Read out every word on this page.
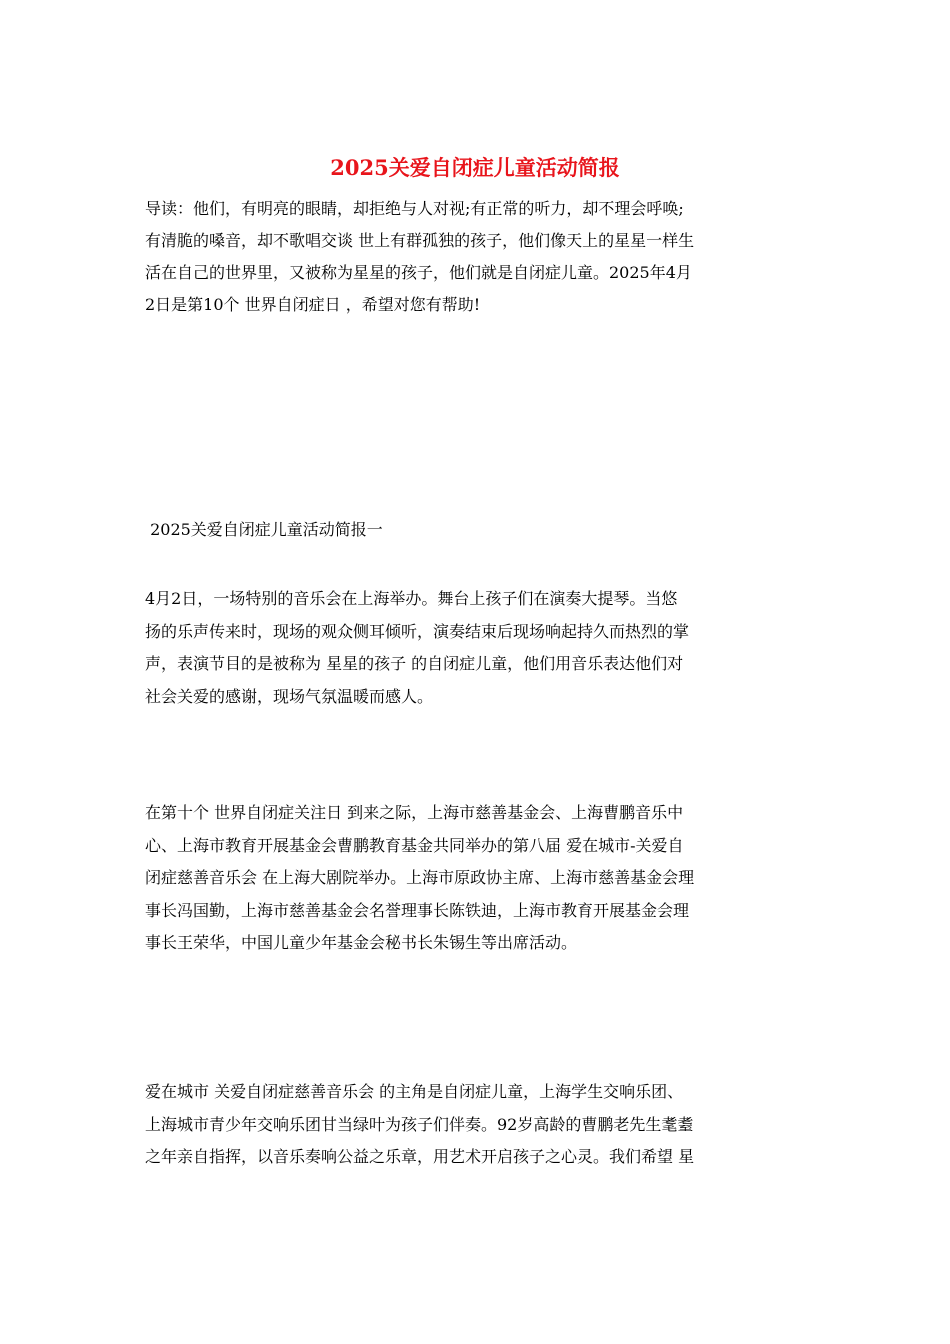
2025关爱自闭症儿童活动简报
导读：他们，有明亮的眼睛，却拒绝与人对视;有正常的听力，却不理会呼唤;
有清脆的嗓音，却不歌唱交谈 世上有群孤独的孩子，他们像天上的星星一样生
活在自己的世界里，又被称为星星的孩子，他们就是自闭症儿童。2025年4月
2日是第10个 世界自闭症日 ，希望对您有帮助!
2025关爱自闭症儿童活动简报一
4月2日，一场特别的音乐会在上海举办。舞台上孩子们在演奏大提琴。当悠
扬的乐声传来时，现场的观众侧耳倾听，演奏结束后现场响起持久而热烈的掌
声，表演节目的是被称为 星星的孩子 的自闭症儿童，他们用音乐表达他们对
社会关爱的感谢，现场气氛温暖而感人。
在第十个 世界自闭症关注日 到来之际，上海市慈善基金会、上海曹鹏音乐中
心、上海市教育开展基金会曹鹏教育基金共同举办的第八届 爱在城市-关爱自
闭症慈善音乐会 在上海大剧院举办。上海市原政协主席、上海市慈善基金会理
事长冯国勤，上海市慈善基金会名誉理事长陈铁迪，上海市教育开展基金会理
事长王荣华，中国儿童少年基金会秘书长朱锡生等出席活动。
爱在城市 关爱自闭症慈善音乐会 的主角是自闭症儿童，上海学生交响乐团、
上海城市青少年交响乐团甘当绿叶为孩子们伴奏。92岁高龄的曹鹏老先生耄耋
之年亲自指挥，以音乐奏响公益之乐章，用艺术开启孩子之心灵。我们希望 星
